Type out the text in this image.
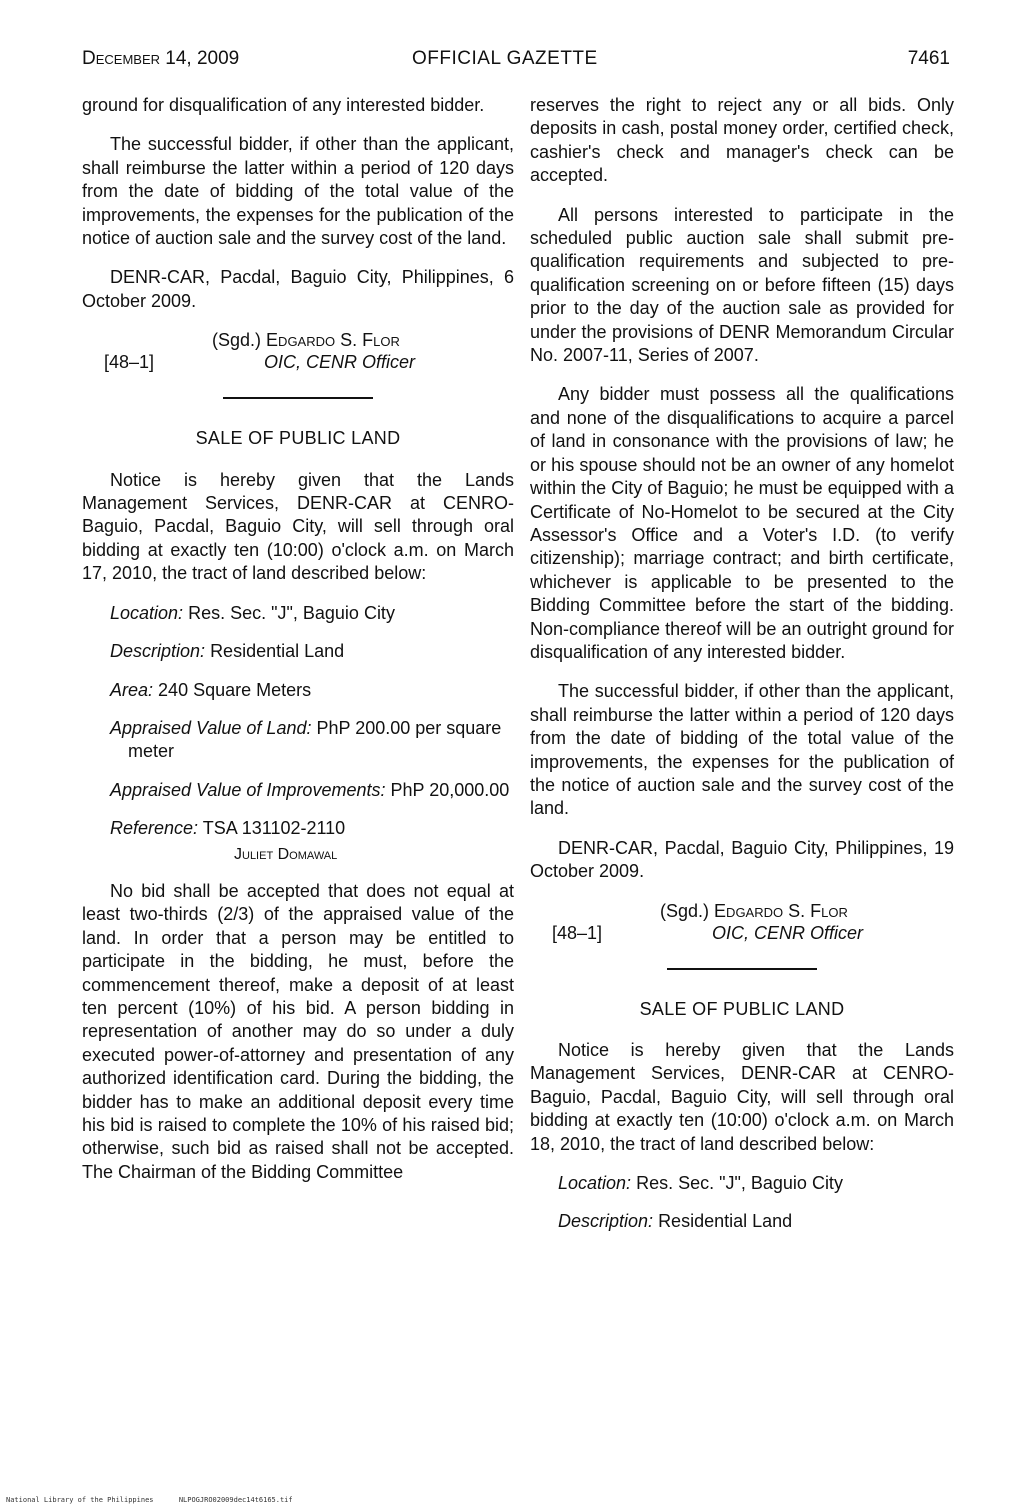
December 14, 2009	OFFICIAL GAZETTE	7461

ground for disqualification of any interested bidder.

The successful bidder, if other than the applicant, shall reimburse the latter within a period of 120 days from the date of bidding of the total value of the improvements, the expenses for the publication of the notice of auction sale and the survey cost of the land.

DENR-CAR, Pacdal, Baguio City, Philippines, 6 October 2009.

(Sgd.) Edgardo S. Flor
[48–1]	OIC, CENR Officer
SALE OF PUBLIC LAND

Notice is hereby given that the Lands Management Services, DENR-CAR at CENRO-Baguio, Pacdal, Baguio City, will sell through oral bidding at exactly ten (10:00) o'clock a.m. on March 17, 2010, the tract of land described below:

Location: Res. Sec. "J", Baguio City
Description: Residential Land
Area: 240 Square Meters
Appraised Value of Land: PhP 200.00 per square meter
Appraised Value of Improvements: PhP 20,000.00
Reference: TSA 131102-2110
Juliet Domawal

No bid shall be accepted that does not equal at least two-thirds (2/3) of the appraised value of the land. In order that a person may be entitled to participate in the bidding, he must, before the commencement thereof, make a deposit of at least ten percent (10%) of his bid. A person bidding in representation of another may do so under a duly executed power-of-attorney and presentation of any authorized identification card. During the bidding, the bidder has to make an additional deposit every time his bid is raised to complete the 10% of his raised bid; otherwise, such bid as raised shall not be accepted. The Chairman of the Bidding Committee

reserves the right to reject any or all bids. Only deposits in cash, postal money order, certified check, cashier's check and manager's check can be accepted.

All persons interested to participate in the scheduled public auction sale shall submit pre-qualification requirements and subjected to pre-qualification screening on or before fifteen (15) days prior to the day of the auction sale as provided for under the provisions of DENR Memorandum Circular No. 2007-11, Series of 2007.

Any bidder must possess all the qualifications and none of the disqualifications to acquire a parcel of land in consonance with the provisions of law; he or his spouse should not be an owner of any homelot within the City of Baguio; he must be equipped with a Certificate of No-Homelot to be secured at the City Assessor's Office and a Voter's I.D. (to verify citizenship); marriage contract; and birth certificate, whichever is applicable to be presented to the Bidding Committee before the start of the bidding. Non-compliance thereof will be an outright ground for disqualification of any interested bidder.

The successful bidder, if other than the applicant, shall reimburse the latter within a period of 120 days from the date of bidding of the total value of the improvements, the expenses for the publication of the notice of auction sale and the survey cost of the land.

DENR-CAR, Pacdal, Baguio City, Philippines, 19 October 2009.

(Sgd.) Edgardo S. Flor
[48–1]	OIC, CENR Officer
SALE OF PUBLIC LAND

Notice is hereby given that the Lands Management Services, DENR-CAR at CENRO-Baguio, Pacdal, Baguio City, will sell through oral bidding at exactly ten (10:00) o'clock a.m. on March 18, 2010, the tract of land described below:

Location: Res. Sec. "J", Baguio City
Description: Residential Land
National Library of the Philippines	NLPOGJRO02009dec14t6165.tif
